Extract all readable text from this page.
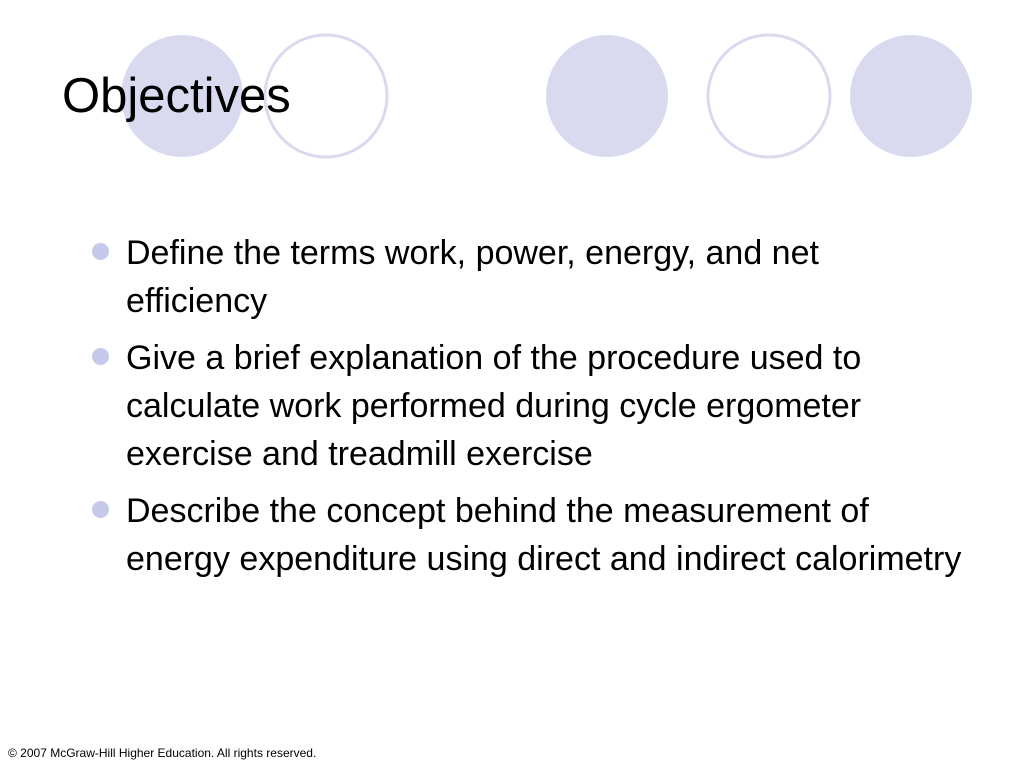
Objectives
Define the terms work, power, energy, and net efficiency
Give a brief explanation of the procedure used to calculate work performed during cycle ergometer exercise and treadmill exercise
Describe the concept behind the measurement of energy expenditure using direct and indirect calorimetry
© 2007 McGraw-Hill Higher Education. All rights reserved.
